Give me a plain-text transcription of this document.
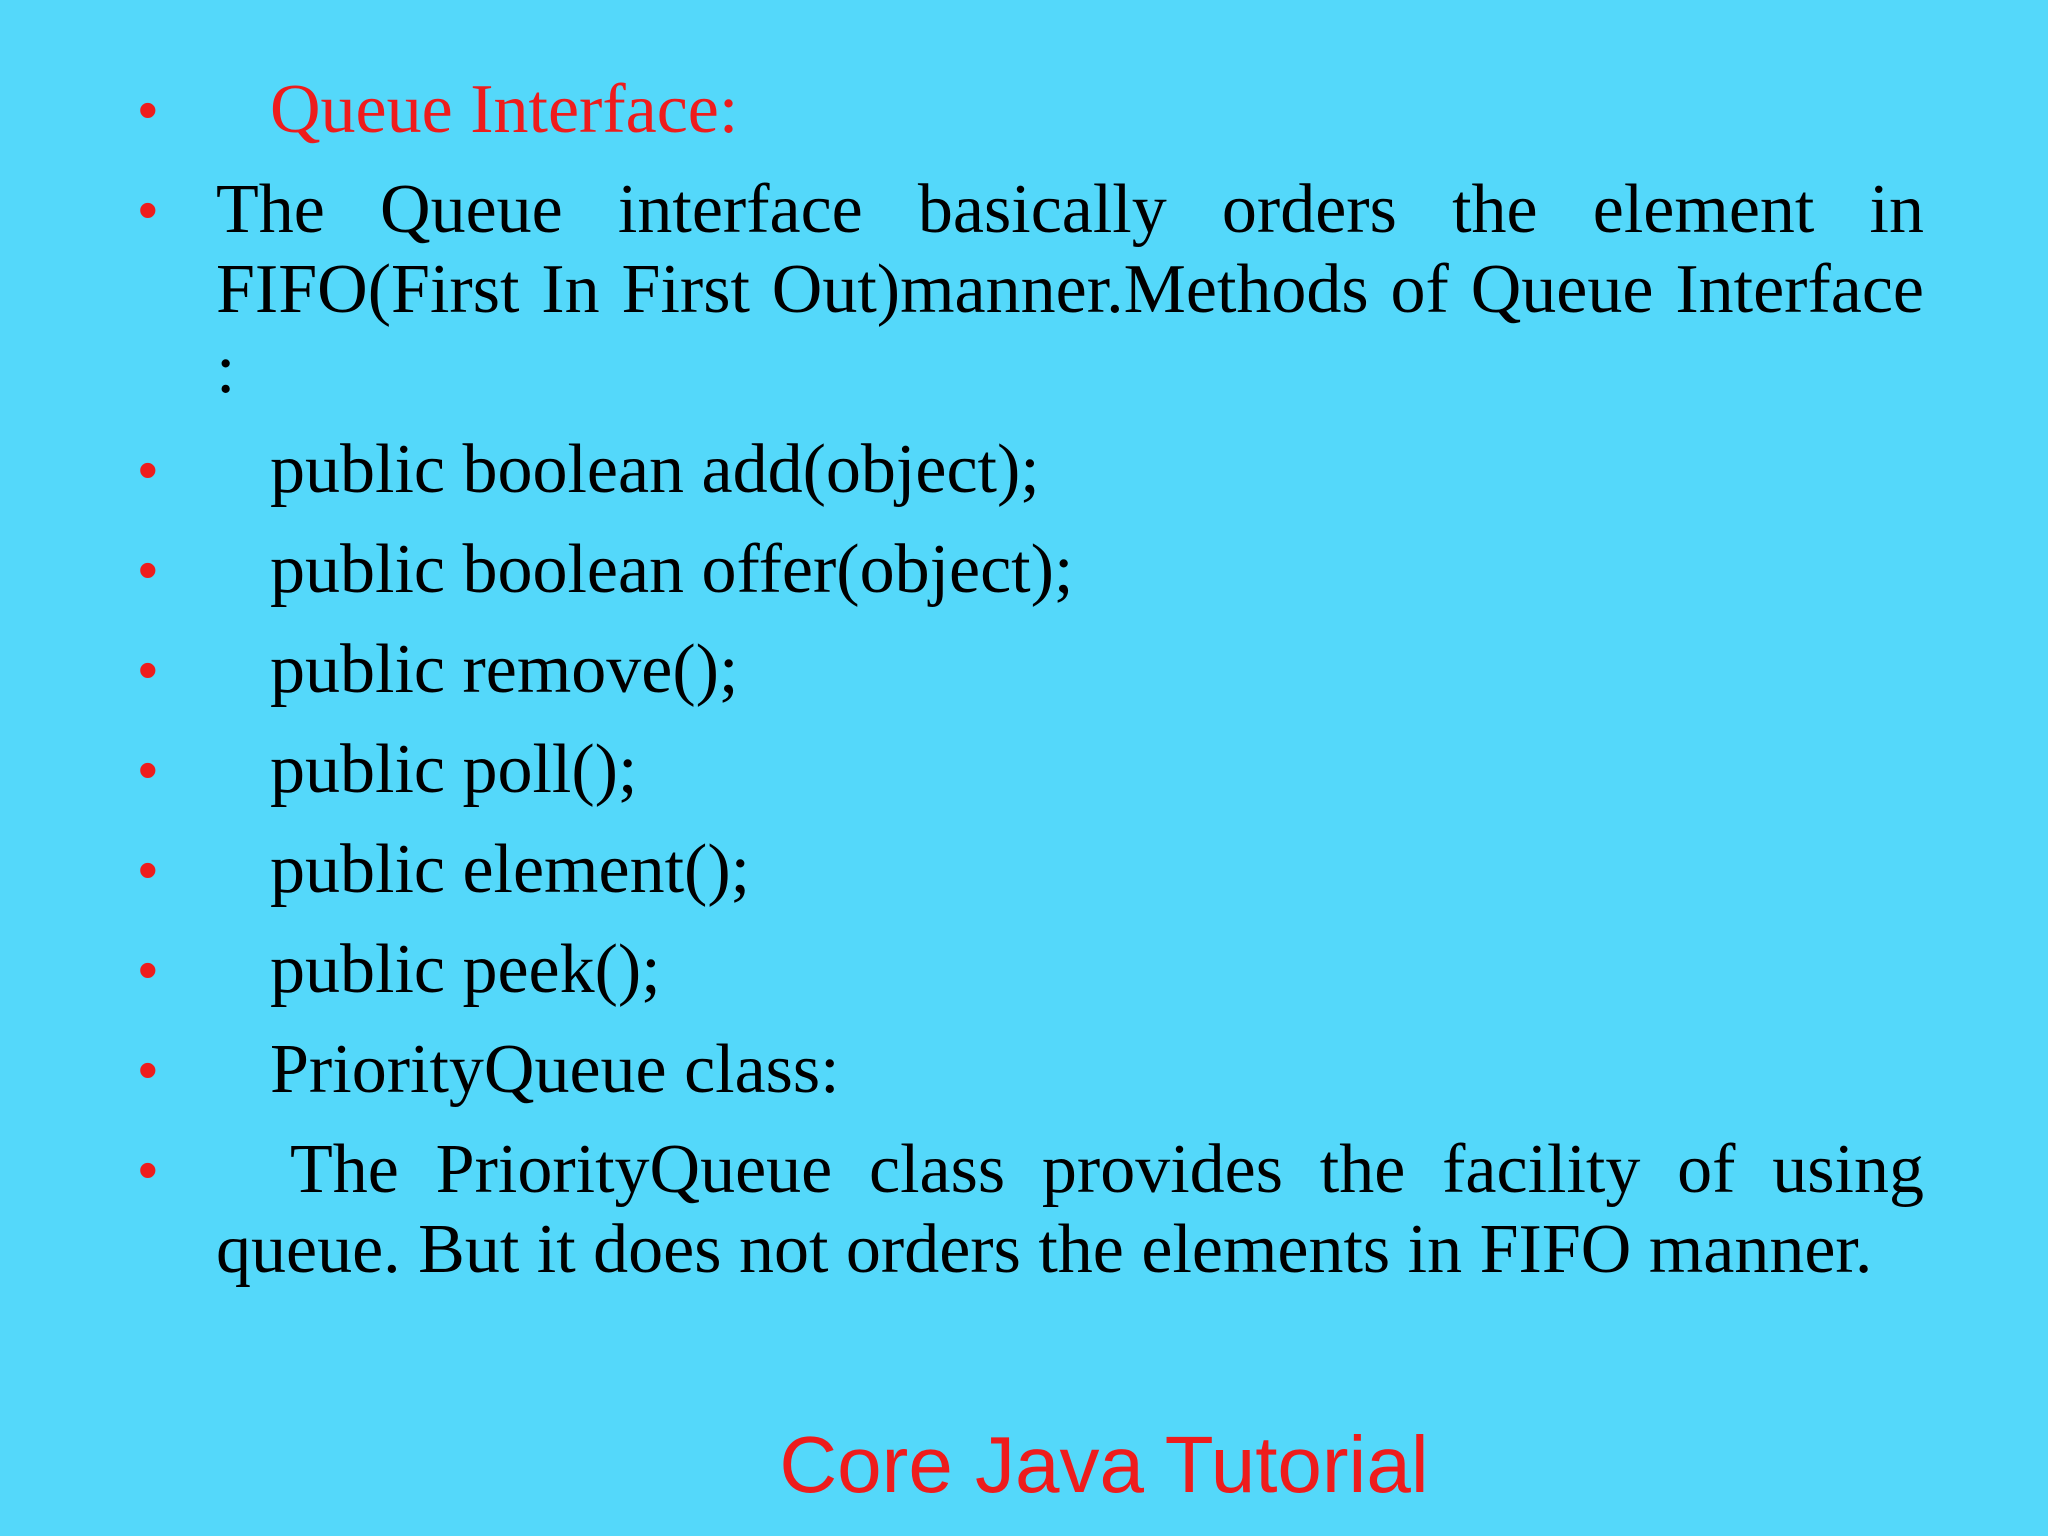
•	Queue Interface:
• The Queue interface basically orders the element in FIFO(First In First Out)manner.Methods of Queue Interface :
•	public boolean add(object);
•	public boolean offer(object);
•	public remove();
•	public poll();
•	public element();
•	public peek();
•	PriorityQueue class:
•	The PriorityQueue class provides the facility of using queue. But it does not orders the elements in FIFO manner.
Core Java Tutorial
